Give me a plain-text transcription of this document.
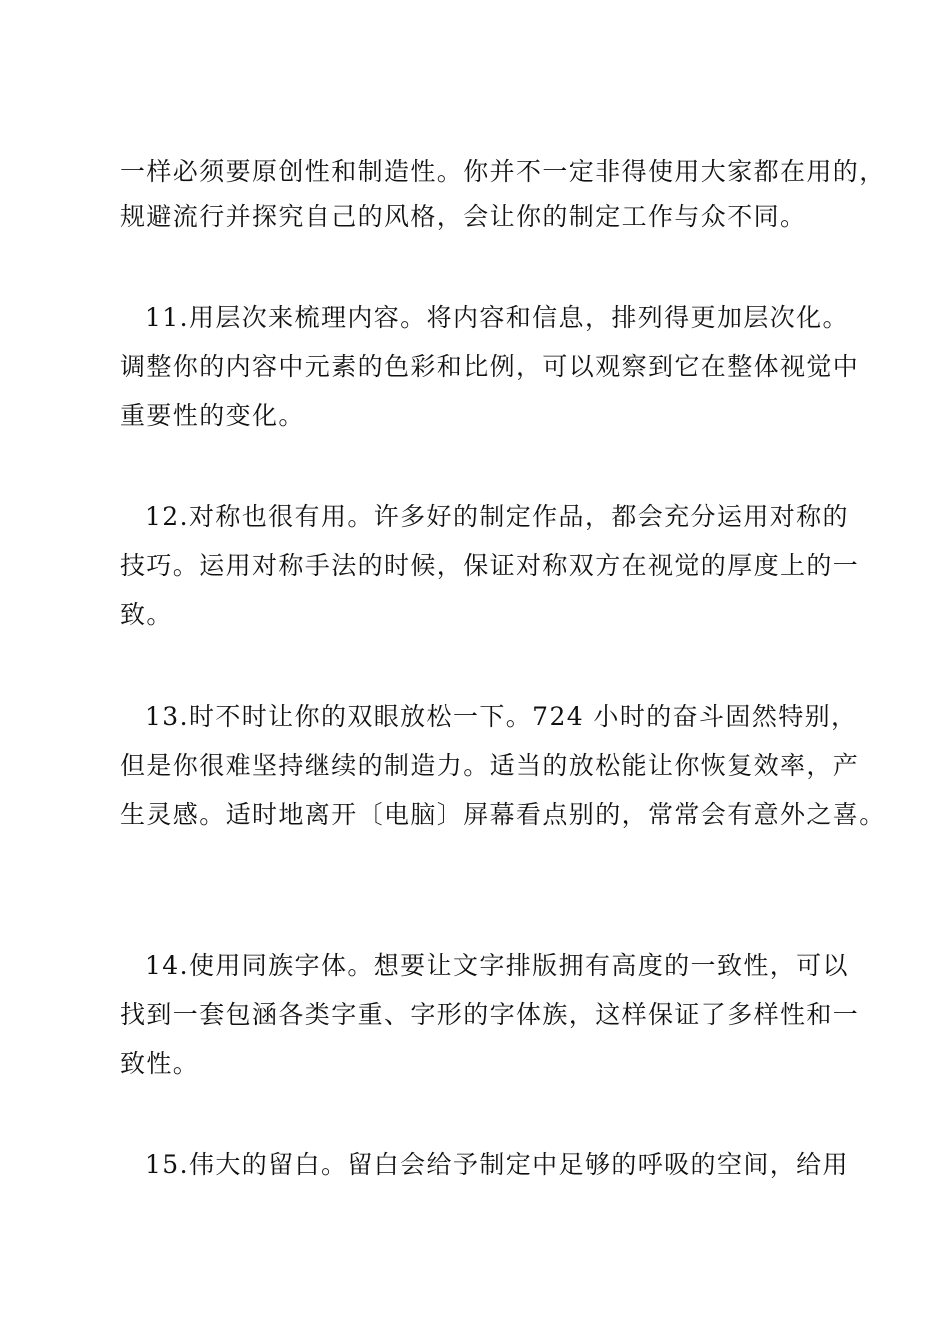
一样必须要原创性和制造性。你并不一定非得使用大家都在用的，
规避流行并探究自己的风格，会让你的制定工作与众不同。
11.用层次来梳理内容。将内容和信息，排列得更加层次化。
调整你的内容中元素的色彩和比例，可以观察到它在整体视觉中
重要性的变化。
12.对称也很有用。许多好的制定作品，都会充分运用对称的
技巧。运用对称手法的时候，保证对称双方在视觉的厚度上的一
致。
13.时不时让你的双眼放松一下。724 小时的奋斗固然特别，
但是你很难坚持继续的制造力。适当的放松能让你恢复效率，产
生灵感。适时地离开〔电脑〕屏幕看点别的，常常会有意外之喜。
14.使用同族字体。想要让文字排版拥有高度的一致性，可以
找到一套包涵各类字重、字形的字体族，这样保证了多样性和一
致性。
15.伟大的留白。留白会给予制定中足够的呼吸的空间，给用
